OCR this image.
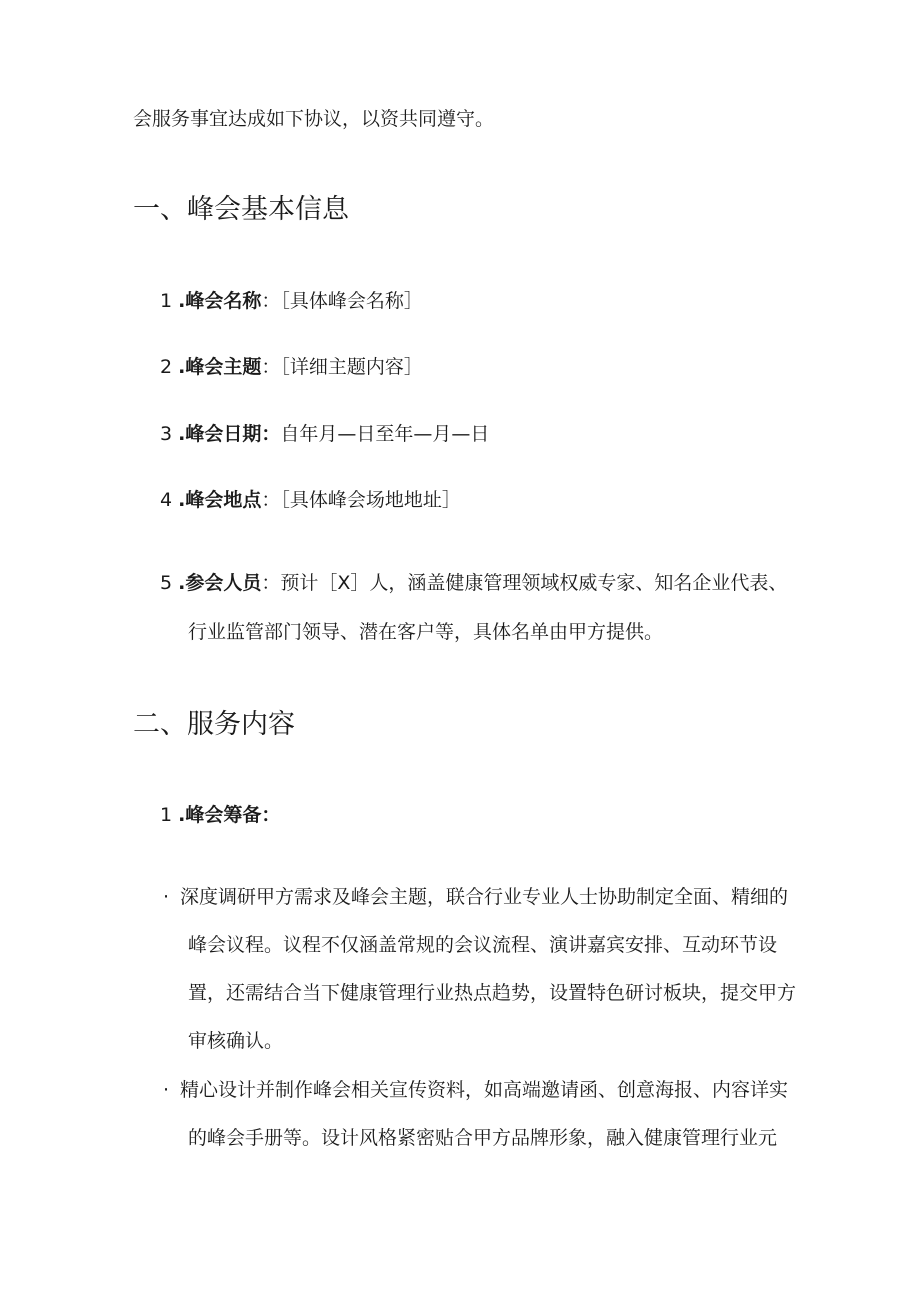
会服务事宜达成如下协议，以资共同遵守。
一、峰会基本信息
1 .峰会名称：［具体峰会名称］
2 .峰会主题：［详细主题内容］
3 .峰会日期：自年月—日至年—月—日
4 .峰会地点：［具体峰会场地地址］
5 .参会人员：预计［X］人，涵盖健康管理领域权威专家、知名企业代表、
行业监管部门领导、潜在客户等，具体名单由甲方提供。
二、服务内容
1 .峰会筹备：
· 深度调研甲方需求及峰会主题，联合行业专业人士协助制定全面、精细的
峰会议程。议程不仅涵盖常规的会议流程、演讲嘉宾安排、互动环节设
置，还需结合当下健康管理行业热点趋势，设置特色研讨板块，提交甲方
审核确认。
· 精心设计并制作峰会相关宣传资料，如高端邀请函、创意海报、内容详实
的峰会手册等。设计风格紧密贴合甲方品牌形象，融入健康管理行业元
